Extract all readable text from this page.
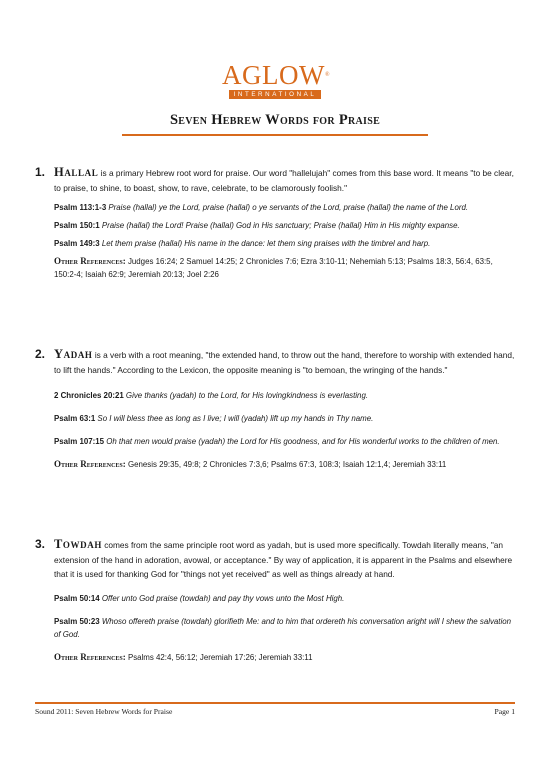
AGLOW®
INTERNATIONAL
Seven Hebrew Words for Praise
1. Hallal is a primary Hebrew root word for praise. Our word "hallelujah" comes from this base word. It means "to be clear, to praise, to shine, to boast, show, to rave, celebrate, to be clamorously foolish."
Psalm 113:1-3 Praise (hallal) ye the Lord, praise (hallal) o ye servants of the Lord, praise (hallal) the name of the Lord.
Psalm 150:1 Praise (hallal) the Lord! Praise (hallal) God in His sanctuary; Praise (hallal) Him in His mighty expanse.
Psalm 149:3 Let them praise (hallal) His name in the dance: let them sing praises with the timbrel and harp.
Other References: Judges 16:24; 2 Samuel 14:25; 2 Chronicles 7:6; Ezra 3:10-11; Nehemiah 5:13; Psalms 18:3, 56:4, 63:5, 150:2-4; Isaiah 62:9; Jeremiah 20:13; Joel 2:26
2. Yadah is a verb with a root meaning, "the extended hand, to throw out the hand, therefore to worship with extended hand, to lift the hands." According to the Lexicon, the opposite meaning is "to bemoan, the wringing of the hands."
2 Chronicles 20:21 Give thanks (yadah) to the Lord, for His lovingkindness is everlasting.
Psalm 63:1 So I will bless thee as long as I live; I will (yadah) lift up my hands in Thy name.
Psalm 107:15 Oh that men would praise (yadah) the Lord for His goodness, and for His wonderful works to the children of men.
Other References: Genesis 29:35, 49:8; 2 Chronicles 7:3,6; Psalms 67:3, 108:3; Isaiah 12:1,4; Jeremiah 33:11
3. Towdah comes from the same principle root word as yadah, but is used more specifically. Towdah literally means, "an extension of the hand in adoration, avowal, or acceptance." By way of application, it is apparent in the Psalms and elsewhere that it is used for thanking God for "things not yet received" as well as things already at hand.
Psalm 50:14 Offer unto God praise (towdah) and pay thy vows unto the Most High.
Psalm 50:23 Whoso offereth praise (towdah) glorifieth Me: and to him that ordereth his conversation aright will I shew the salvation of God.
Other References: Psalms 42:4, 56:12; Jeremiah 17:26; Jeremiah 33:11
Sound 2011: Seven Hebrew Words for Praise	Page 1
